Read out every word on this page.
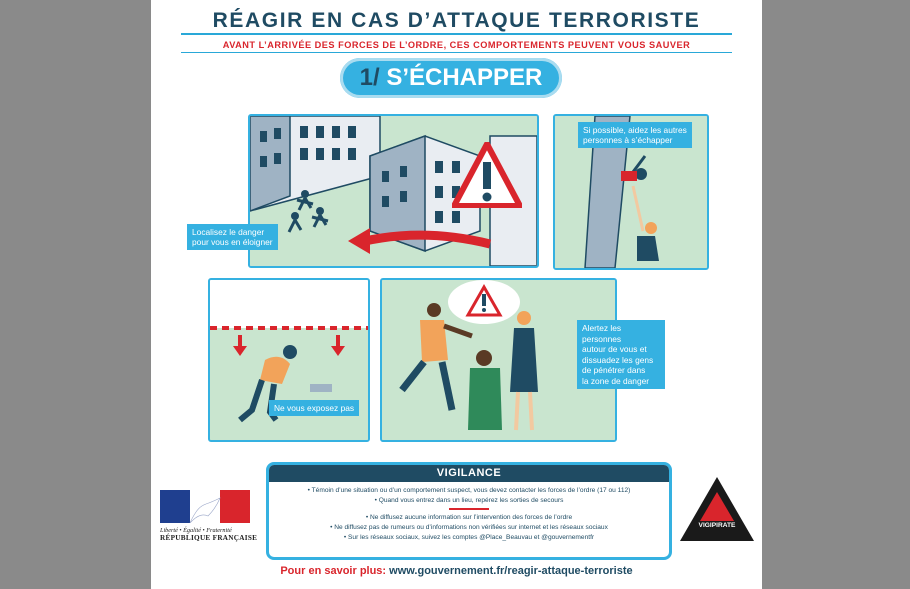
RÉAGIR EN CAS D’ATTAQUE TERRORISTE
AVANT L’ARRIVÉE DES FORCES DE L’ORDRE, CES COMPORTEMENTS PEUVENT VOUS SAUVER
1/ S’ÉCHAPPER
Localisez le danger
pour vous en éloigner
Si possible, aidez les autres
personnes à s’échapper
Ne vous exposez pas
Alertez les personnes
autour de vous et
dissuadez les gens
de pénétrer dans
la zone de danger
VIGILANCE
• Témoin d’une situation ou d’un comportement suspect, vous devez contacter les forces de l’ordre (17 ou 112)
• Quand vous entrez dans un lieu, repérez les sorties de secours
• Ne diffusez aucune information sur l’intervention des forces de l’ordre
• Ne diffusez pas de rumeurs ou d’informations non vérifiées sur internet et les réseaux sociaux
• Sur les réseaux sociaux, suivez les comptes @Place_Beauvau et @gouvernementfr
Liberté • Égalité • Fraternité
RÉPUBLIQUE FRANÇAISE
VIGIPIRATE
Pour en savoir plus: www.gouvernement.fr/reagir-attaque-terroriste
